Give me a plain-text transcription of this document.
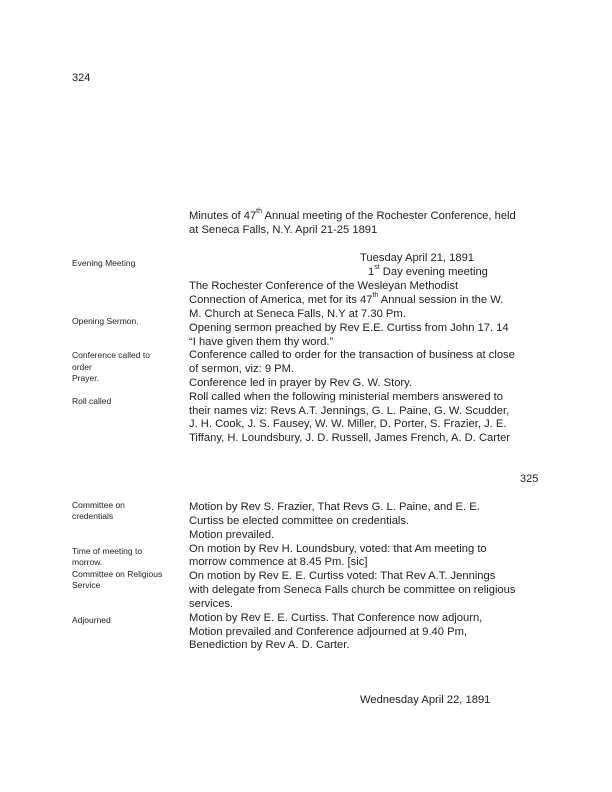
324
325
Minutes of 47th Annual meeting of the Rochester Conference, held
at Seneca Falls, N.Y. April 21-25 1891
Tuesday April 21, 1891
1st Day evening meeting
Evening Meeting
Opening Sermon.
Conference called to
order
Prayer.
Roll called
Committee on
credentials
Time of meeting to
morrow.
Committee on Religious
Service
Adjourned
The Rochester Conference of the Wesleyan Methodist
Connection of America, met for its 47th Annual session in the W.
M. Church at Seneca Falls, N.Y at 7.30 Pm.
Opening sermon preached by Rev E.E. Curtiss from John 17. 14
“I have given them thy word.”
Conference called to order for the transaction of business at close
of sermon, viz: 9 PM.
Conference led in prayer by Rev G. W. Story.
Roll called when the following ministerial members answered to
their names viz: Revs A.T. Jennings, G. L. Paine, G. W. Scudder,
J. H. Cook, J. S. Fausey, W. W. Miller, D. Porter, S. Frazier, J. E.
Tiffany, H. Loundsbury, J. D. Russell, James French, A. D. Carter
Motion by Rev S. Frazier, That Revs G. L. Paine, and E. E.
Curtiss be elected committee on credentials.
Motion prevailed.
On motion by Rev H. Loundsbury, voted: that Am meeting to
morrow commence at 8.45 Pm. [sic]
On motion by Rev E. E. Curtiss voted: That Rev A.T. Jennings
with delegate from Seneca Falls church be committee on religious
services.
Motion by Rev E. E. Curtiss. That Conference now adjourn,
Motion prevailed and Conference adjourned at 9.40 Pm,
Benediction by Rev A. D. Carter.
Wednesday April 22, 1891
